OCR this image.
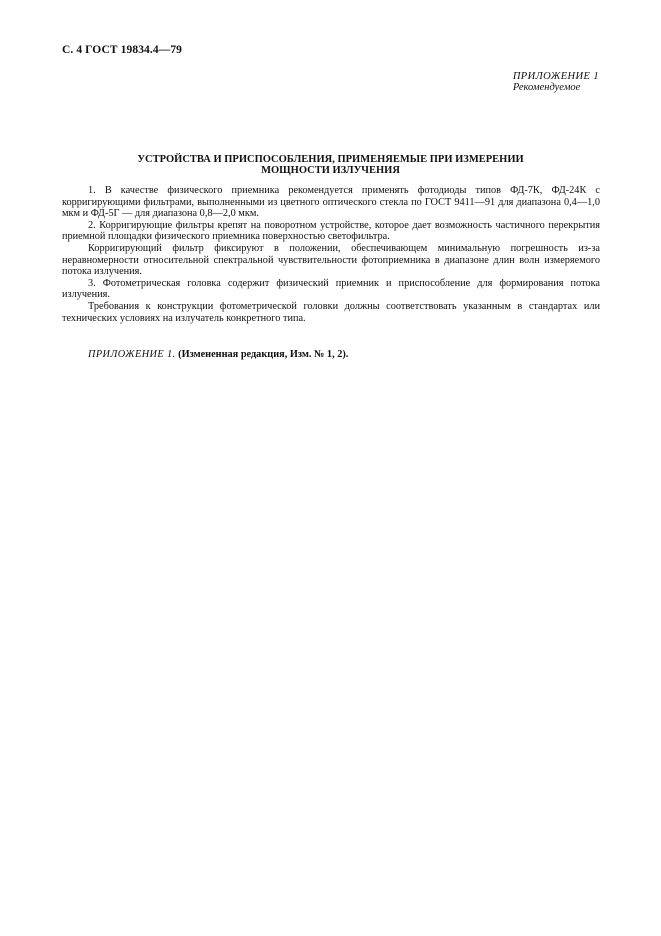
С. 4 ГОСТ 19834.4—79
ПРИЛОЖЕНИЕ 1
Рекомендуемое
УСТРОЙСТВА И ПРИСПОСОБЛЕНИЯ, ПРИМЕНЯЕМЫЕ ПРИ ИЗМЕРЕНИИ
МОЩНОСТИ ИЗЛУЧЕНИЯ

1. В качестве физического приемника рекомендуется применять фотодиоды типов ФД-7К, ФД-24К с корригирующими фильтрами, выполненными из цветного оптического стекла по ГОСТ 9411—91 для диапазона 0,4—1,0 мкм и ФД-5Г — для диапазона 0,8—2,0 мкм.

2. Корригирующие фильтры крепят на поворотном устройстве, которое дает возможность частичного перекрытия приемной площадки физического приемника поверхностью светофильтра.

Корригирующий фильтр фиксируют в положении, обеспечивающем минимальную погрешность из-за неравномерности относительной спектральной чувствительности фотоприемника в диапазоне длин волн измеряемого потока излучения.

3. Фотометрическая головка содержит физический приемник и приспособление для формирования потока излучения.

Требования к конструкции фотометрической головки должны соответствовать указанным в стандартах или технических условиях на излучатель конкретного типа.

ПРИЛОЖЕНИЕ 1. (Измененная редакция, Изм. № 1, 2).
